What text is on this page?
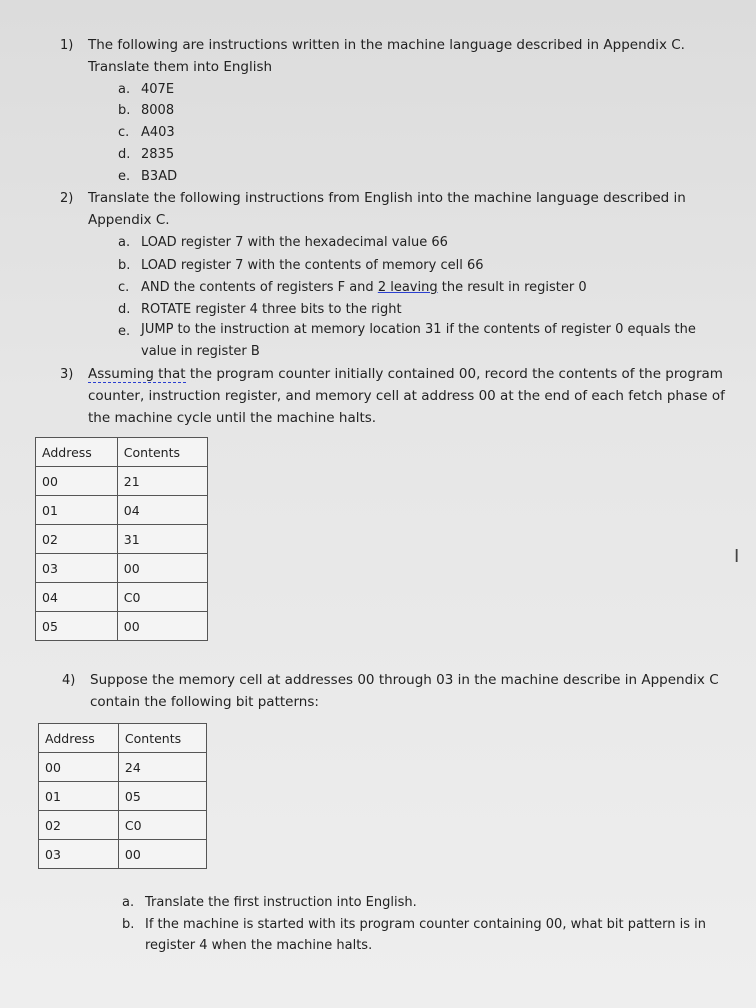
1) The following are instructions written in the machine language described in Appendix C.
Translate them into English
a. 407E
b. 8008
c. A403
d. 2835
e. B3AD
2) Translate the following instructions from English into the machine language described in
Appendix C.
a. LOAD register 7 with the hexadecimal value 66
b. LOAD register 7 with the contents of memory cell 66
c. AND the contents of registers F and 2 leaving the result in register 0
d. ROTATE register 4 three bits to the right
e. JUMP to the instruction at memory location 31 if the contents of register 0 equals the
value in register B
3) Assuming that the program counter initially contained 00, record the contents of the program
counter, instruction register, and memory cell at address 00 at the end of each fetch phase of
the machine cycle until the machine halts.
Address	Contents
00	21
01	04
02	31
03	00
04	C0
05	00
4) Suppose the memory cell at addresses 00 through 03 in the machine describe in Appendix C
contain the following bit patterns:
Address	Contents
00	24
01	05
02	C0
03	00
a. Translate the first instruction into English.
b. If the machine is started with its program counter containing 00, what bit pattern is in
register 4 when the machine halts.
I
